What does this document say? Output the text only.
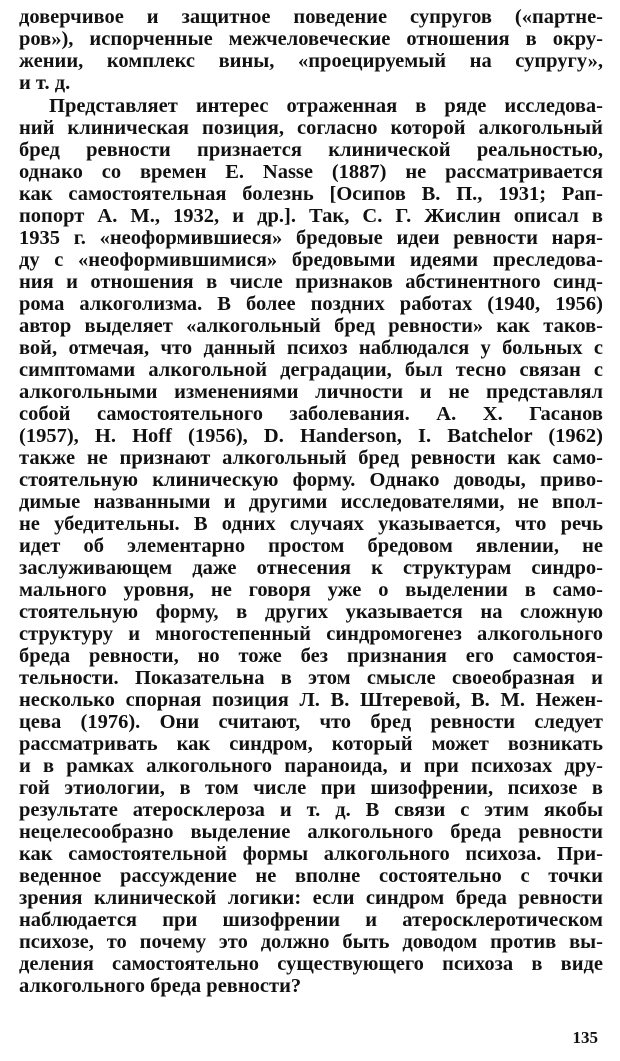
доверчивое и защитное поведение супругов («партне-
ров»), испорченные межчеловеческие отношения в окру-
жении, комплекс вины, «проецируемый на супругу»,
и т. д.
Представляет интерес отраженная в ряде исследова-
ний клиническая позиция, согласно которой алкогольный
бред ревности признается клинической реальностью,
однако со времен E. Nasse (1887) не рассматривается
как самостоятельная болезнь [Осипов В. П., 1931; Рап-
попорт А. М., 1932, и др.]. Так, С. Г. Жислин описал в
1935 г. «неоформившиеся» бредовые идеи ревности наря-
ду с «неоформившимися» бредовыми идеями преследова-
ния и отношения в числе признаков абстинентного синд-
рома алкоголизма. В более поздних работах (1940, 1956)
автор выделяет «алкогольный бред ревности» как таков-
вой, отмечая, что данный психоз наблюдался у больных с
симптомами алкогольной деградации, был тесно связан с
алкогольными изменениями личности и не представлял
собой самостоятельного заболевания. А. Х. Гасанов
(1957), H. Hoff (1956), D. Handerson, I. Batchelor (1962)
также не признают алкогольный бред ревности как само-
стоятельную клиническую форму. Однако доводы, приво-
димые названными и другими исследователями, не впол-
не убедительны. В одних случаях указывается, что речь
идет об элементарно простом бредовом явлении, не
заслуживающем даже отнесения к структурам синдро-
мального уровня, не говоря уже о выделении в само-
стоятельную форму, в других указывается на сложную
структуру и многостепенный синдромогенез алкогольного
бреда ревности, но тоже без признания его самостоя-
тельности. Показательна в этом смысле своеобразная и
несколько спорная позиция Л. В. Штеревой, В. М. Нежен-
цева (1976). Они считают, что бред ревности следует
рассматривать как синдром, который может возникать
и в рамках алкогольного параноида, и при психозах дру-
гой этиологии, в том числе при шизофрении, психозе в
результате атеросклероза и т. д. В связи с этим якобы
нецелесообразно выделение алкогольного бреда ревности
как самостоятельной формы алкогольного психоза. При-
веденное рассуждение не вполне состоятельно с точки
зрения клинической логики: если синдром бреда ревности
наблюдается при шизофрении и атеросклеротическом
психозе, то почему это должно быть доводом против вы-
деления самостоятельно существующего психоза в виде
алкогольного бреда ревности?
135
